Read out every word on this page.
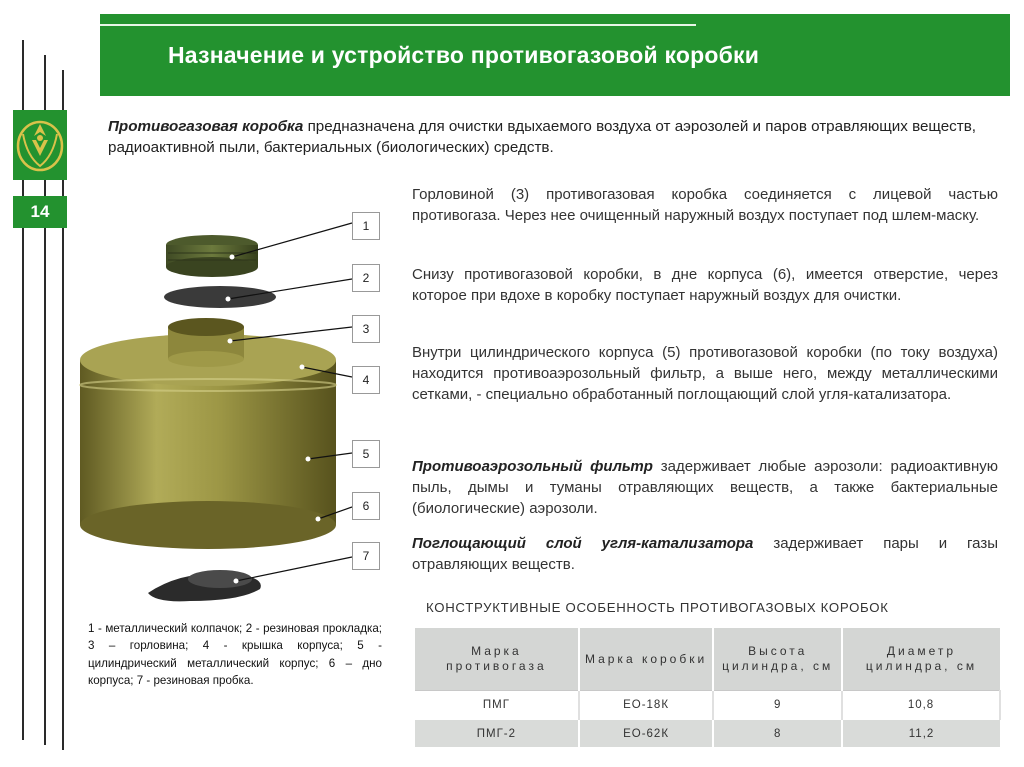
Назначение и устройство противогазовой коробки
14
Противогазовая коробка предназначена для очистки вдыхаемого воздуха от аэрозолей и паров отравляющих веществ, радиоактивной пыли, бактериальных (биологических) средств.
1
2
3
4
5
6
7

Горловиной (3) противогазовая коробка соединяется с лицевой частью противогаза. Через нее очищенный наружный воздух поступает под шлем-маску.

Снизу противогазовой коробки, в дне корпуса (6), имеется отверстие, через которое при вдохе в коробку поступает наружный воздух для очистки.

Внутри цилиндрического корпуса (5) противогазовой коробки (по току воздуха) находится противоаэрозольный фильтр, а выше него, между металлическими сетками, - специально обработанный поглощающий слой угля-катализатора.

Противоаэрозольный фильтр задерживает любые аэрозоли: радиоактивную пыль, дымы и туманы отравляющих веществ, а также бактериальные (биологические) аэрозоли.

Поглощающий слой угля-катализатора задерживает пары и газы отравляющих веществ.

1 - металлический колпачок; 2 - резиновая прокладка; 3 – горловина; 4 - крышка корпуса; 5 - цилиндрический металлический корпус; 6 – дно корпуса; 7 - резиновая пробка.

КОНСТРУКТИВНЫЕ ОСОБЕННОСТЬ ПРОТИВОГАЗОВЫХ КОРОБОК
Марка противогаза	Марка коробки	Высота цилиндра, см	Диаметр цилиндра, см
ПМГ	ЕО-18К	9	10,8
ПМГ-2	ЕО-62К	8	11,2
